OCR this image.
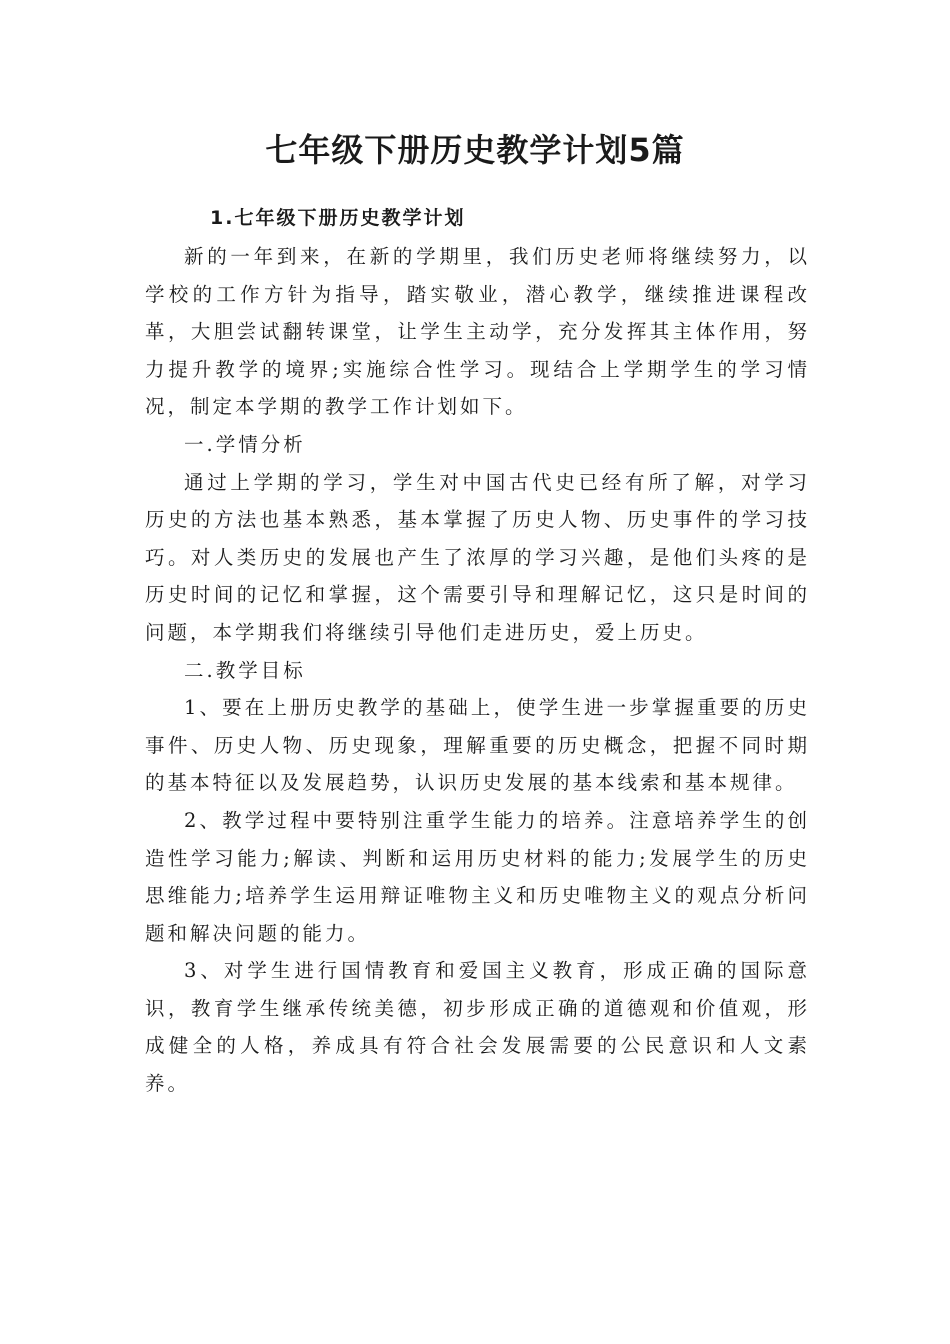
七年级下册历史教学计划5篇
1.七年级下册历史教学计划

新的一年到来，在新的学期里，我们历史老师将继续努力，以学校的工作方针为指导，踏实敬业，潜心教学，继续推进课程改革，大胆尝试翻转课堂，让学生主动学，充分发挥其主体作用，努力提升教学的境界;实施综合性学习。现结合上学期学生的学习情况，制定本学期的教学工作计划如下。

一.学情分析

通过上学期的学习，学生对中国古代史已经有所了解，对学习历史的方法也基本熟悉，基本掌握了历史人物、历史事件的学习技巧。对人类历史的发展也产生了浓厚的学习兴趣，是他们头疼的是历史时间的记忆和掌握，这个需要引导和理解记忆，这只是时间的问题，本学期我们将继续引导他们走进历史，爱上历史。

二.教学目标

1、要在上册历史教学的基础上，使学生进一步掌握重要的历史事件、历史人物、历史现象，理解重要的历史概念，把握不同时期的基本特征以及发展趋势，认识历史发展的基本线索和基本规律。

2、教学过程中要特别注重学生能力的培养。注意培养学生的创造性学习能力;解读、判断和运用历史材料的能力;发展学生的历史思维能力;培养学生运用辩证唯物主义和历史唯物主义的观点分析问题和解决问题的能力。

3、对学生进行国情教育和爱国主义教育，形成正确的国际意识，教育学生继承传统美德，初步形成正确的道德观和价值观，形成健全的人格，养成具有符合社会发展需要的公民意识和人文素养。
